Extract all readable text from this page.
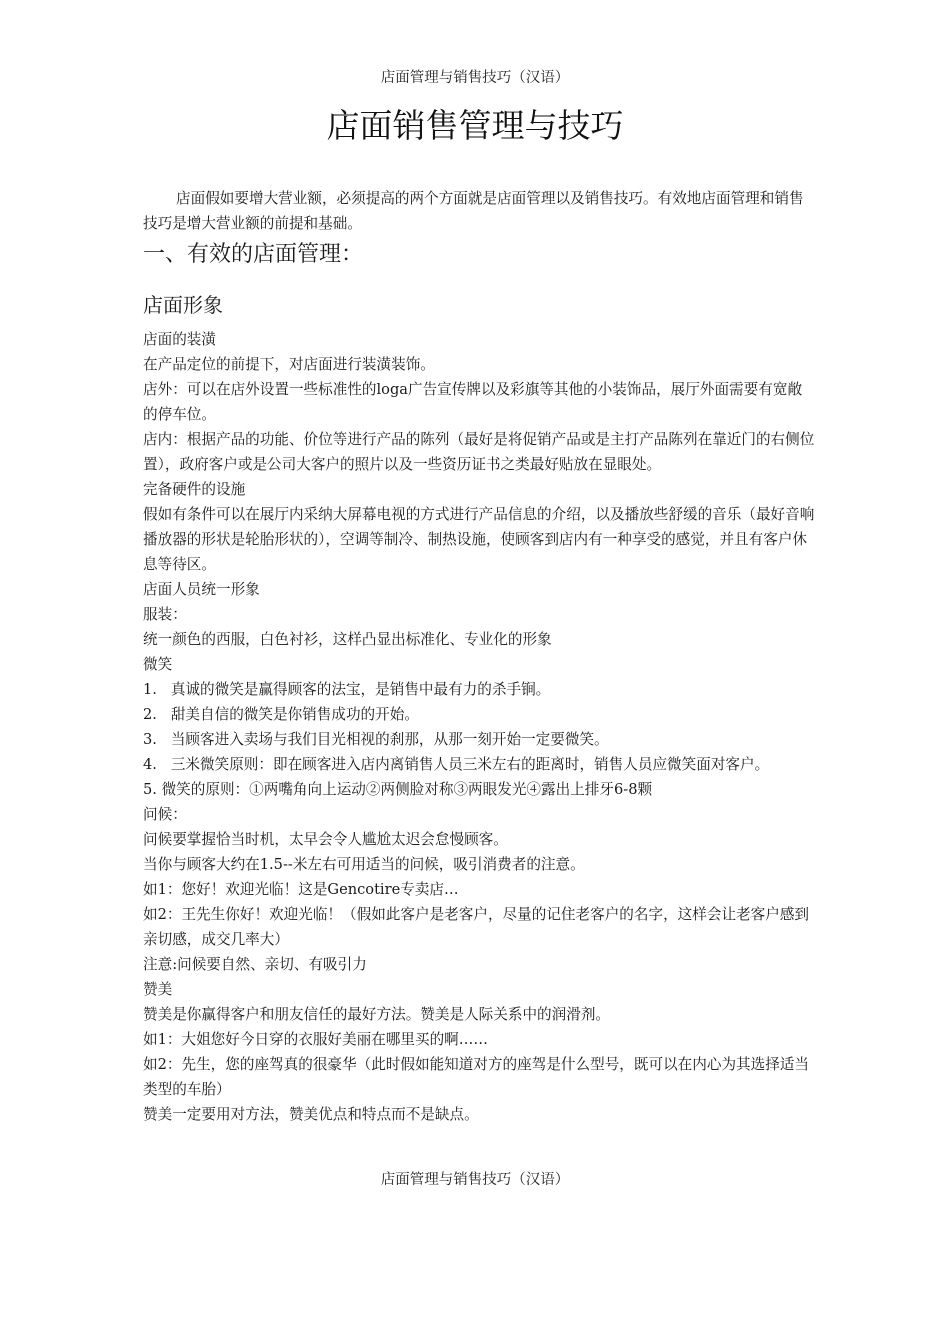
店面管理与销售技巧（汉语）
店面销售管理与技巧

店面假如要增大营业额，必须提高的两个方面就是店面管理以及销售技巧。有效地店面管理和销售技巧是增大营业额的前提和基础。

一、有效的店面管理：
店面形象

店面的装潢

在产品定位的前提下，对店面进行装潢装饰。

店外：可以在店外设置一些标准性的loga广告宣传牌以及彩旗等其他的小装饰品，展厅外面需要有宽敞的停车位。

店内：根据产品的功能、价位等进行产品的陈列（最好是将促销产品或是主打产品陈列在靠近门的右侧位置），政府客户或是公司大客户的照片以及一些资历证书之类最好贴放在显眼处。

完备硬件的设施

假如有条件可以在展厅内采纳大屏幕电视的方式进行产品信息的介绍，以及播放些舒缓的音乐（最好音响播放器的形状是轮胎形状的），空调等制冷、制热设施，使顾客到店内有一种享受的感觉，并且有客户休息等待区。

店面人员统一形象

服装：

统一颜色的西服，白色衬衫，这样凸显出标准化、专业化的形象

微笑

1.   真诚的微笑是赢得顾客的法宝，是销售中最有力的杀手锏。

2.   甜美自信的微笑是你销售成功的开始。

3.   当顾客进入卖场与我们目光相视的刹那，从那一刻开始一定要微笑。

4.   三米微笑原则：即在顾客进入店内离销售人员三米左右的距离时，销售人员应微笑面对客户。

5. 微笑的原则：①两嘴角向上运动②两侧脸对称③两眼发光④露出上排牙6-8颗

问候：

问候要掌握恰当时机，太早会令人尴尬太迟会怠慢顾客。

当你与顾客大约在1.5--米左右可用适当的问候，吸引消费者的注意。

如1：您好！欢迎光临！这是Gencotire专卖店…

如2：王先生你好！欢迎光临！（假如此客户是老客户，尽量的记住老客户的名字，这样会让老客户感到亲切感，成交几率大）

注意:问候要自然、亲切、有吸引力

赞美

赞美是你赢得客户和朋友信任的最好方法。赞美是人际关系中的润滑剂。

如1：大姐您好今日穿的衣服好美丽在哪里买的啊……

如2：先生，您的座驾真的很豪华（此时假如能知道对方的座驾是什么型号，既可以在内心为其选择适当类型的车胎）

赞美一定要用对方法，赞美优点和特点而不是缺点。

店面管理与销售技巧（汉语）
